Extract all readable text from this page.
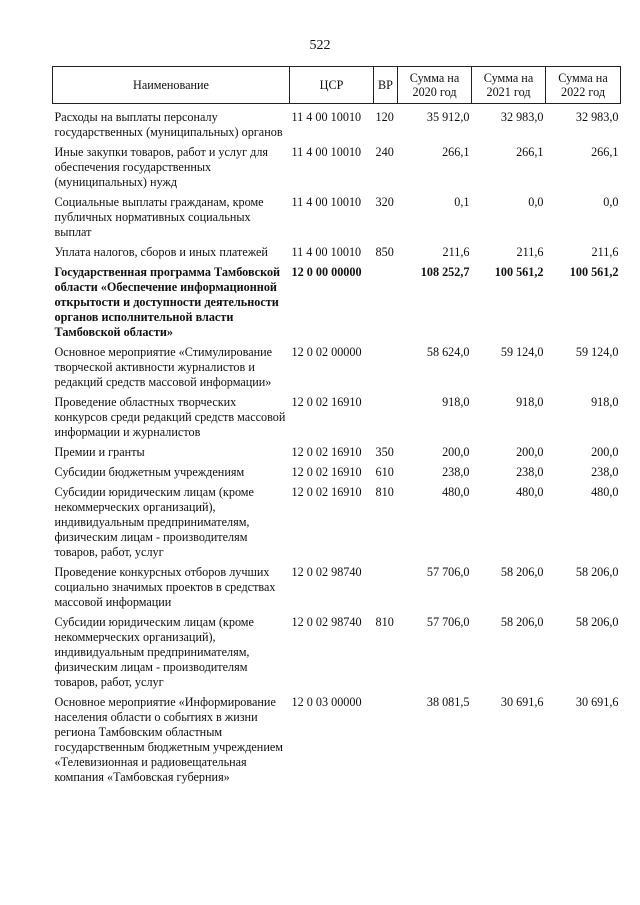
522
Наименование	ЦСР	ВР	Сумма на 2020 год	Сумма на 2021 год	Сумма на 2022 год
Расходы на выплаты персоналу государственных (муниципальных) органов	11 4 00 10010	120	35 912,0	32 983,0	32 983,0
Иные закупки товаров, работ и услуг для обеспечения государственных (муниципальных) нужд	11 4 00 10010	240	266,1	266,1	266,1
Социальные выплаты гражданам, кроме публичных нормативных социальных выплат	11 4 00 10010	320	0,1	0,0	0,0
Уплата налогов, сборов и иных платежей	11 4 00 10010	850	211,6	211,6	211,6
Государственная программа Тамбовской области «Обеспечение информационной открытости и доступности деятельности органов исполнительной власти Тамбовской области»	12 0 00 00000		108 252,7	100 561,2	100 561,2
Основное мероприятие «Стимулирование творческой активности журналистов и редакций средств массовой информации»	12 0 02 00000		58 624,0	59 124,0	59 124,0
Проведение областных творческих конкурсов среди редакций средств массовой информации и журналистов	12 0 02 16910		918,0	918,0	918,0
Премии и гранты	12 0 02 16910	350	200,0	200,0	200,0
Субсидии бюджетным учреждениям	12 0 02 16910	610	238,0	238,0	238,0
Субсидии юридическим лицам (кроме некоммерческих организаций), индивидуальным предпринимателям, физическим лицам - производителям товаров, работ, услуг	12 0 02 16910	810	480,0	480,0	480,0
Проведение конкурсных отборов лучших социально значимых проектов в средствах массовой информации	12 0 02 98740		57 706,0	58 206,0	58 206,0
Субсидии юридическим лицам (кроме некоммерческих организаций), индивидуальным предпринимателям, физическим лицам - производителям товаров, работ, услуг	12 0 02 98740	810	57 706,0	58 206,0	58 206,0
Основное мероприятие «Информирование населения области о событиях в жизни региона Тамбовским областным государственным бюджетным учреждением «Телевизионная и радиовещательная компания «Тамбовская губерния»	12 0 03 00000		38 081,5	30 691,6	30 691,6
